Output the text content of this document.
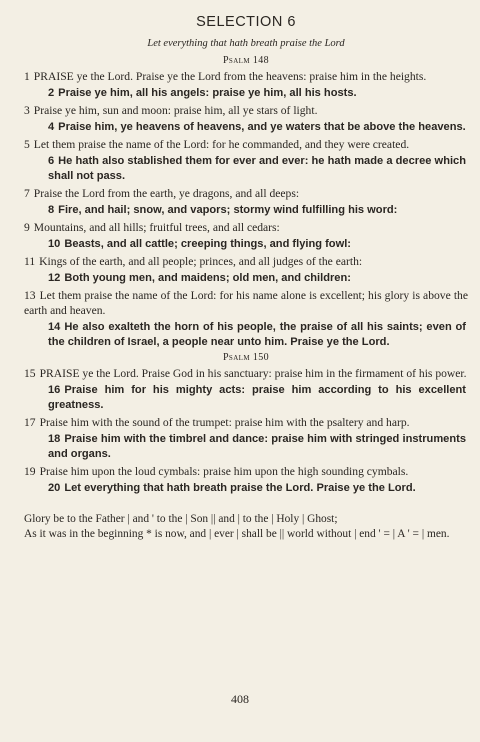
SELECTION 6
Let everything that hath breath praise the Lord
Psalm 148
1 PRAISE ye the Lord. Praise ye the Lord from the heavens: praise him in the heights.
2 Praise ye him, all his angels: praise ye him, all his hosts.
3 Praise ye him, sun and moon: praise him, all ye stars of light.
4 Praise him, ye heavens of heavens, and ye waters that be above the heavens.
5 Let them praise the name of the Lord: for he commanded, and they were created.
6 He hath also stablished them for ever and ever: he hath made a decree which shall not pass.
7 Praise the Lord from the earth, ye dragons, and all deeps:
8 Fire, and hail; snow, and vapors; stormy wind fulfilling his word:
9 Mountains, and all hills; fruitful trees, and all cedars:
10 Beasts, and all cattle; creeping things, and flying fowl:
11 Kings of the earth, and all people; princes, and all judges of the earth:
12 Both young men, and maidens; old men, and children:
13 Let them praise the name of the Lord: for his name alone is excellent; his glory is above the earth and heaven.
14 He also exalteth the horn of his people, the praise of all his saints; even of the children of Israel, a people near unto him. Praise ye the Lord.
Psalm 150
15 PRAISE ye the Lord. Praise God in his sanctuary: praise him in the firmament of his power.
16 Praise him for his mighty acts: praise him according to his excellent greatness.
17 Praise him with the sound of the trumpet: praise him with the psaltery and harp.
18 Praise him with the timbrel and dance: praise him with stringed instruments and organs.
19 Praise him upon the loud cymbals: praise him upon the high sounding cymbals.
20 Let everything that hath breath praise the Lord. Praise ye the Lord.
Glory be to the Father | and ' to the | Son || and | to the | Holy | Ghost;
As it was in the beginning * is now, and | ever | shall be || world without | end ' = | A ' = | men.
408
